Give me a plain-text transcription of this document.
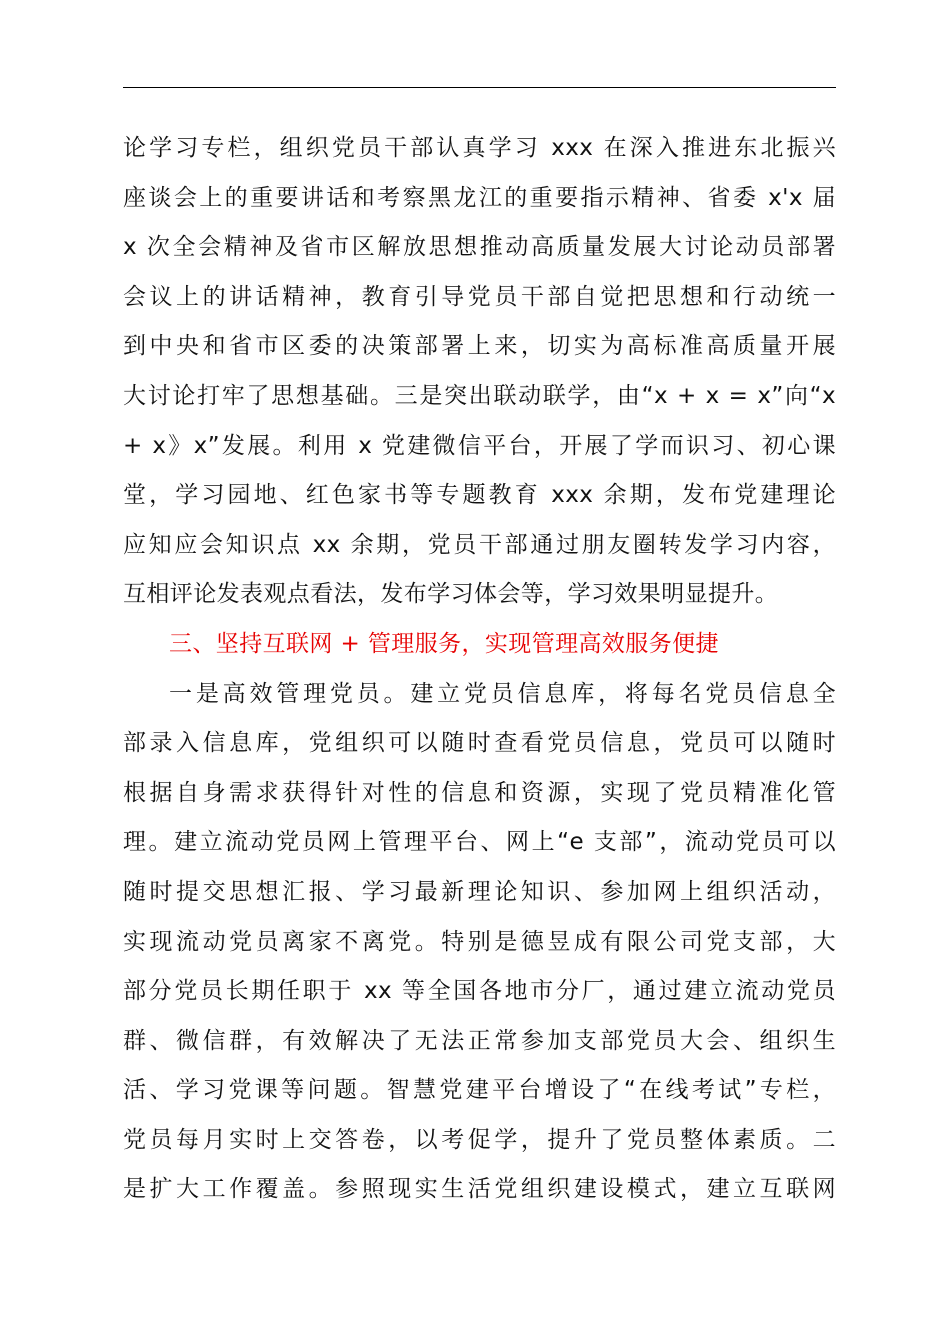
论学习专栏，组织党员干部认真学习 xxx 在深入推进东北振兴
座谈会上的重要讲话和考察黑龙江的重要指示精神、省委 x'x 届
x 次全会精神及省市区解放思想推动高质量发展大讨论动员部署
会议上的讲话精神，教育引导党员干部自觉把思想和行动统一
到中央和省市区委的决策部署上来，切实为高标准高质量开展
大讨论打牢了思想基础。三是突出联动联学，由“x + x = x”向“x
+ x》x”发展。利用 x 党建微信平台，开展了学而识习、初心课
堂，学习园地、红色家书等专题教育 xxx 余期，发布党建理论
应知应会知识点 xx 余期，党员干部通过朋友圈转发学习内容，
互相评论发表观点看法，发布学习体会等，学习效果明显提升。
三、坚持互联网 + 管理服务，实现管理高效服务便捷
一是高效管理党员。建立党员信息库，将每名党员信息全
部录入信息库，党组织可以随时查看党员信息，党员可以随时
根据自身需求获得针对性的信息和资源，实现了党员精准化管
理。建立流动党员网上管理平台、网上“e 支部”，流动党员可以
随时提交思想汇报、学习最新理论知识、参加网上组织活动，
实现流动党员离家不离党。特别是德昱成有限公司党支部，大
部分党员长期任职于 xx 等全国各地市分厂，通过建立流动党员
群、微信群，有效解决了无法正常参加支部党员大会、组织生
活、学习党课等问题。智慧党建平台增设了“在线考试”专栏，
党员每月实时上交答卷，以考促学，提升了党员整体素质。二
是扩大工作覆盖。参照现实生活党组织建设模式，建立互联网
